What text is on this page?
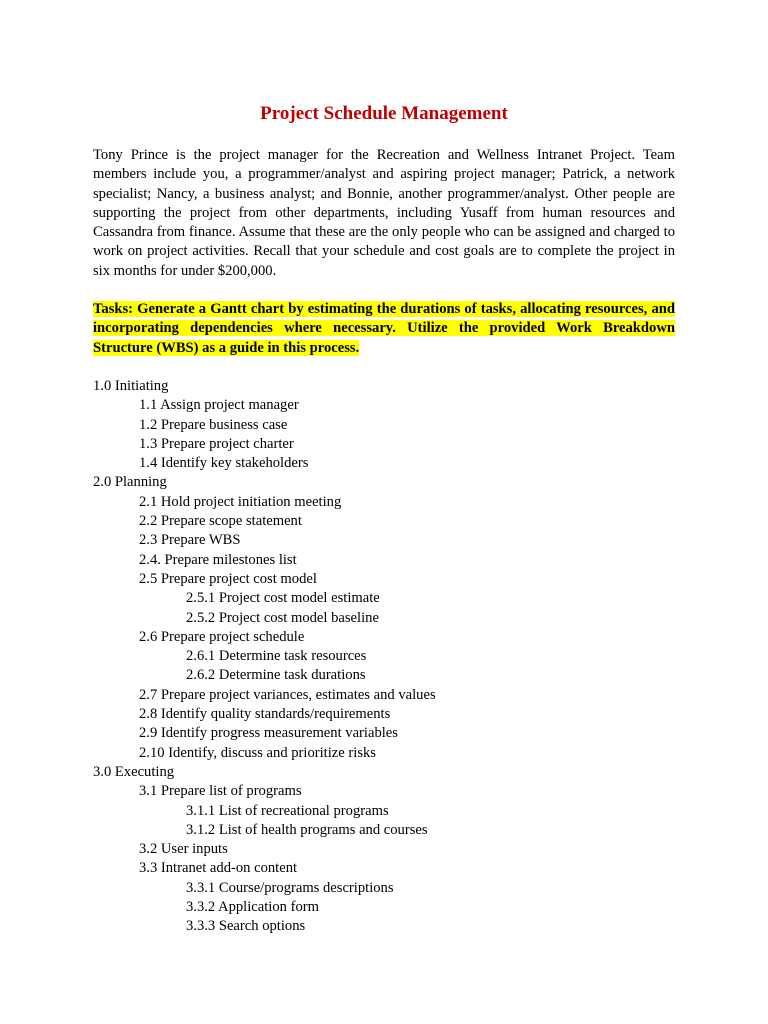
Project Schedule Management

Tony Prince is the project manager for the Recreation and Wellness Intranet Project. Team members include you, a programmer/analyst and aspiring project manager; Patrick, a network specialist; Nancy, a business analyst; and Bonnie, another programmer/analyst. Other people are supporting the project from other departments, including Yusaff from human resources and Cassandra from finance. Assume that these are the only people who can be assigned and charged to work on project activities. Recall that your schedule and cost goals are to complete the project in six months for under $200,000.

Tasks: Generate a Gantt chart by estimating the durations of tasks, allocating resources, and incorporating dependencies where necessary. Utilize the provided Work Breakdown Structure (WBS) as a guide in this process.

1.0 Initiating
1.1 Assign project manager
1.2 Prepare business case
1.3 Prepare project charter
1.4 Identify key stakeholders
2.0 Planning
2.1 Hold project initiation meeting
2.2 Prepare scope statement
2.3 Prepare WBS
2.4. Prepare milestones list
2.5 Prepare project cost model
2.5.1 Project cost model estimate
2.5.2 Project cost model baseline
2.6 Prepare project schedule
2.6.1 Determine task resources
2.6.2 Determine task durations
2.7 Prepare project variances, estimates and values
2.8 Identify quality standards/requirements
2.9 Identify progress measurement variables
2.10 Identify, discuss and prioritize risks
3.0 Executing
3.1 Prepare list of programs
3.1.1 List of recreational programs
3.1.2 List of health programs and courses
3.2 User inputs
3.3 Intranet add-on content
3.3.1 Course/programs descriptions
3.3.2 Application form
3.3.3 Search options
